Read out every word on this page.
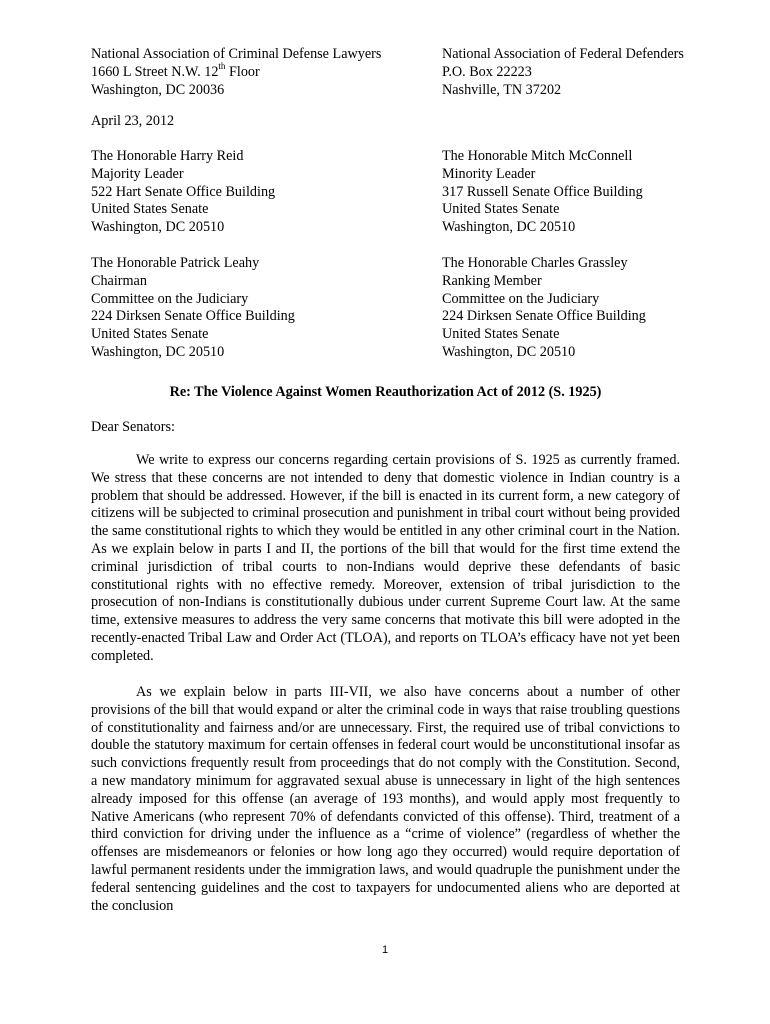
National Association of Criminal Defense Lawyers
1660 L Street N.W. 12th Floor
Washington, DC 20036
National Association of Federal Defenders
P.O. Box 22223
Nashville, TN 37202
April 23, 2012
The Honorable Harry Reid
Majority Leader
522 Hart Senate Office Building
United States Senate
Washington, DC 20510
The Honorable Mitch McConnell
Minority Leader
317 Russell Senate Office Building
United States Senate
Washington, DC 20510
The Honorable Patrick Leahy
Chairman
Committee on the Judiciary
224 Dirksen Senate Office Building
United States Senate
Washington, DC 20510
The Honorable Charles Grassley
Ranking Member
Committee on the Judiciary
224 Dirksen Senate Office Building
United States Senate
Washington, DC 20510
Re: The Violence Against Women Reauthorization Act of 2012 (S. 1925)
Dear Senators:

We write to express our concerns regarding certain provisions of S. 1925 as currently framed. We stress that these concerns are not intended to deny that domestic violence in Indian country is a problem that should be addressed. However, if the bill is enacted in its current form, a new category of citizens will be subjected to criminal prosecution and punishment in tribal court without being provided the same constitutional rights to which they would be entitled in any other criminal court in the Nation. As we explain below in parts I and II, the portions of the bill that would for the first time extend the criminal jurisdiction of tribal courts to non-Indians would deprive these defendants of basic constitutional rights with no effective remedy. Moreover, extension of tribal jurisdiction to the prosecution of non-Indians is constitutionally dubious under current Supreme Court law. At the same time, extensive measures to address the very same concerns that motivate this bill were adopted in the recently-enacted Tribal Law and Order Act (TLOA), and reports on TLOA’s efficacy have not yet been completed.

As we explain below in parts III-VII, we also have concerns about a number of other provisions of the bill that would expand or alter the criminal code in ways that raise troubling questions of constitutionality and fairness and/or are unnecessary. First, the required use of tribal convictions to double the statutory maximum for certain offenses in federal court would be unconstitutional insofar as such convictions frequently result from proceedings that do not comply with the Constitution. Second, a new mandatory minimum for aggravated sexual abuse is unnecessary in light of the high sentences already imposed for this offense (an average of 193 months), and would apply most frequently to Native Americans (who represent 70% of defendants convicted of this offense). Third, treatment of a third conviction for driving under the influence as a “crime of violence” (regardless of whether the offenses are misdemeanors or felonies or how long ago they occurred) would require deportation of lawful permanent residents under the immigration laws, and would quadruple the punishment under the federal sentencing guidelines and the cost to taxpayers for undocumented aliens who are deported at the conclusion

1
